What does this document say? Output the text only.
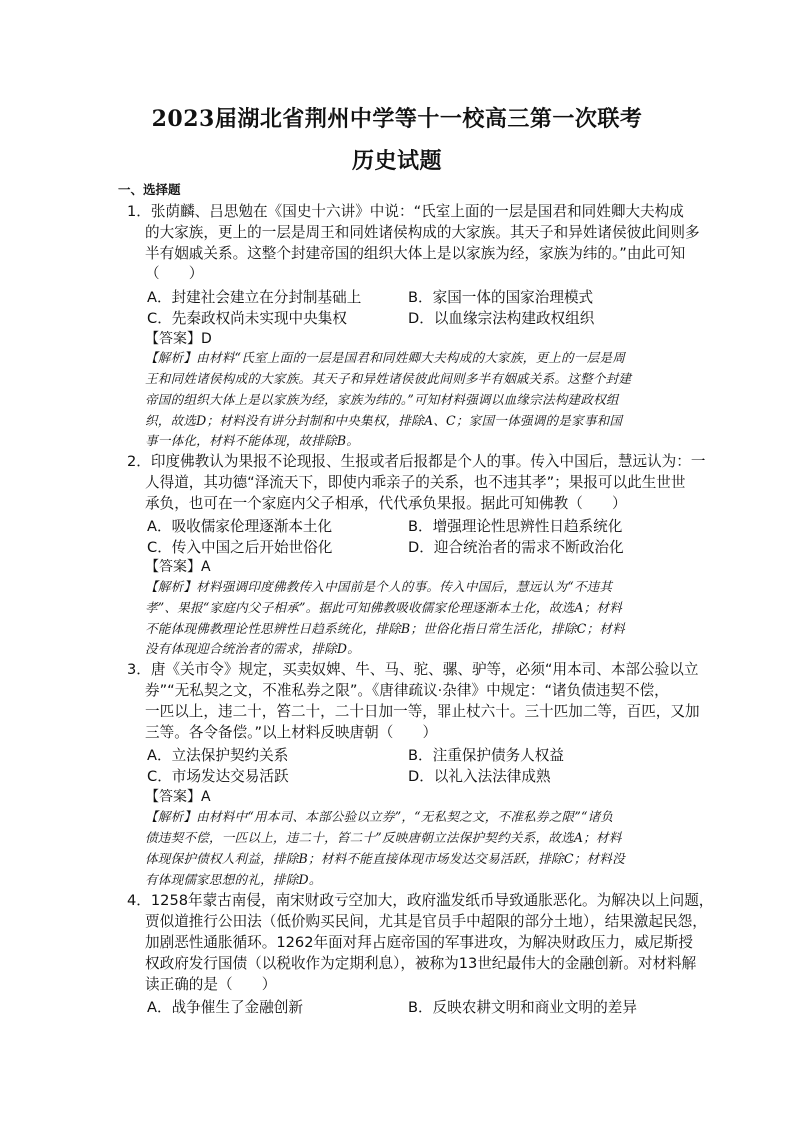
2023届湖北省荆州中学等十一校高三第一次联考
历史试题
一、选择题
1．张荫麟、吕思勉在《国史十六讲》中说：“氏室上面的一层是国君和同姓卿大夫构成
的大家族，更上的一层是周王和同姓诸侯构成的大家族。其天子和异姓诸侯彼此间则多
半有姻戚关系。这整个封建帝国的组织大体上是以家族为经，家族为纬的。”由此可知
（　　）
A．封建社会建立在分封制基础上	B．家国一体的国家治理模式
C．先秦政权尚未实现中央集权	D．以血缘宗法构建政权组织
【答案】D
【解析】由材料“氏室上面的一层是国君和同姓卿大夫构成的大家族，更上的一层是周
王和同姓诸侯构成的大家族。其天子和异姓诸侯彼此间则多半有姻戚关系。这整个封建
帝国的组织大体上是以家族为经，家族为纬的。”可知材料强调以血缘宗法构建政权组
织，故选D；材料没有讲分封制和中央集权，排除A、C；家国一体强调的是家事和国
事一体化，材料不能体现，故排除B。
2．印度佛教认为果报不论现报、生报或者后报都是个人的事。传入中国后，慧远认为：一
人得道，其功德“泽流天下，即使内乖亲子的关系，也不违其孝”；果报可以此生世世
承负，也可在一个家庭内父子相承，代代承负果报。据此可知佛教（　　）
A．吸收儒家伦理逐渐本土化	B．增强理论性思辨性日趋系统化
C．传入中国之后开始世俗化	D．迎合统治者的需求不断政治化
【答案】A
【解析】材料强调印度佛教传入中国前是个人的事。传入中国后，慧远认为“不违其
孝”、果报“家庭内父子相承”。据此可知佛教吸收儒家伦理逐渐本土化，故选A；材料
不能体现佛教理论性思辨性日趋系统化，排除B；世俗化指日常生活化，排除C；材料
没有体现迎合统治者的需求，排除D。
3．唐《关市令》规定，买卖奴婢、牛、马、驼、骡、驴等，必须“用本司、本部公验以立
券”“无私契之文，不准私券之限”。《唐律疏议·杂律》中规定：“诸负债违契不偿，
一匹以上，违二十，笞二十，二十日加一等，罪止杖六十。三十匹加二等，百匹，又加
三等。各令备偿。”以上材料反映唐朝（　　）
A．立法保护契约关系	B．注重保护债务人权益
C．市场发达交易活跃	D．以礼入法法律成熟
【答案】A
【解析】由材料中“用本司、本部公验以立券”，“无私契之文，不准私券之限”“诸负
债违契不偿，一匹以上，违二十，笞二十”反映唐朝立法保护契约关系，故选A；材料
体现保护债权人利益，排除B；材料不能直接体现市场发达交易活跃，排除C；材料没
有体现儒家思想的礼，排除D。
4．1258年蒙古南侵，南宋财政亏空加大，政府滥发纸币导致通胀恶化。为解决以上问题，
贾似道推行公田法（低价购买民间，尤其是官员手中超限的部分土地），结果激起民怨，
加剧恶性通胀循环。1262年面对拜占庭帝国的军事进攻，为解决财政压力，威尼斯授
权政府发行国债（以税收作为定期利息），被称为13世纪最伟大的金融创新。对材料解
读正确的是（　　）
A．战争催生了金融创新	B．反映农耕文明和商业文明的差异
